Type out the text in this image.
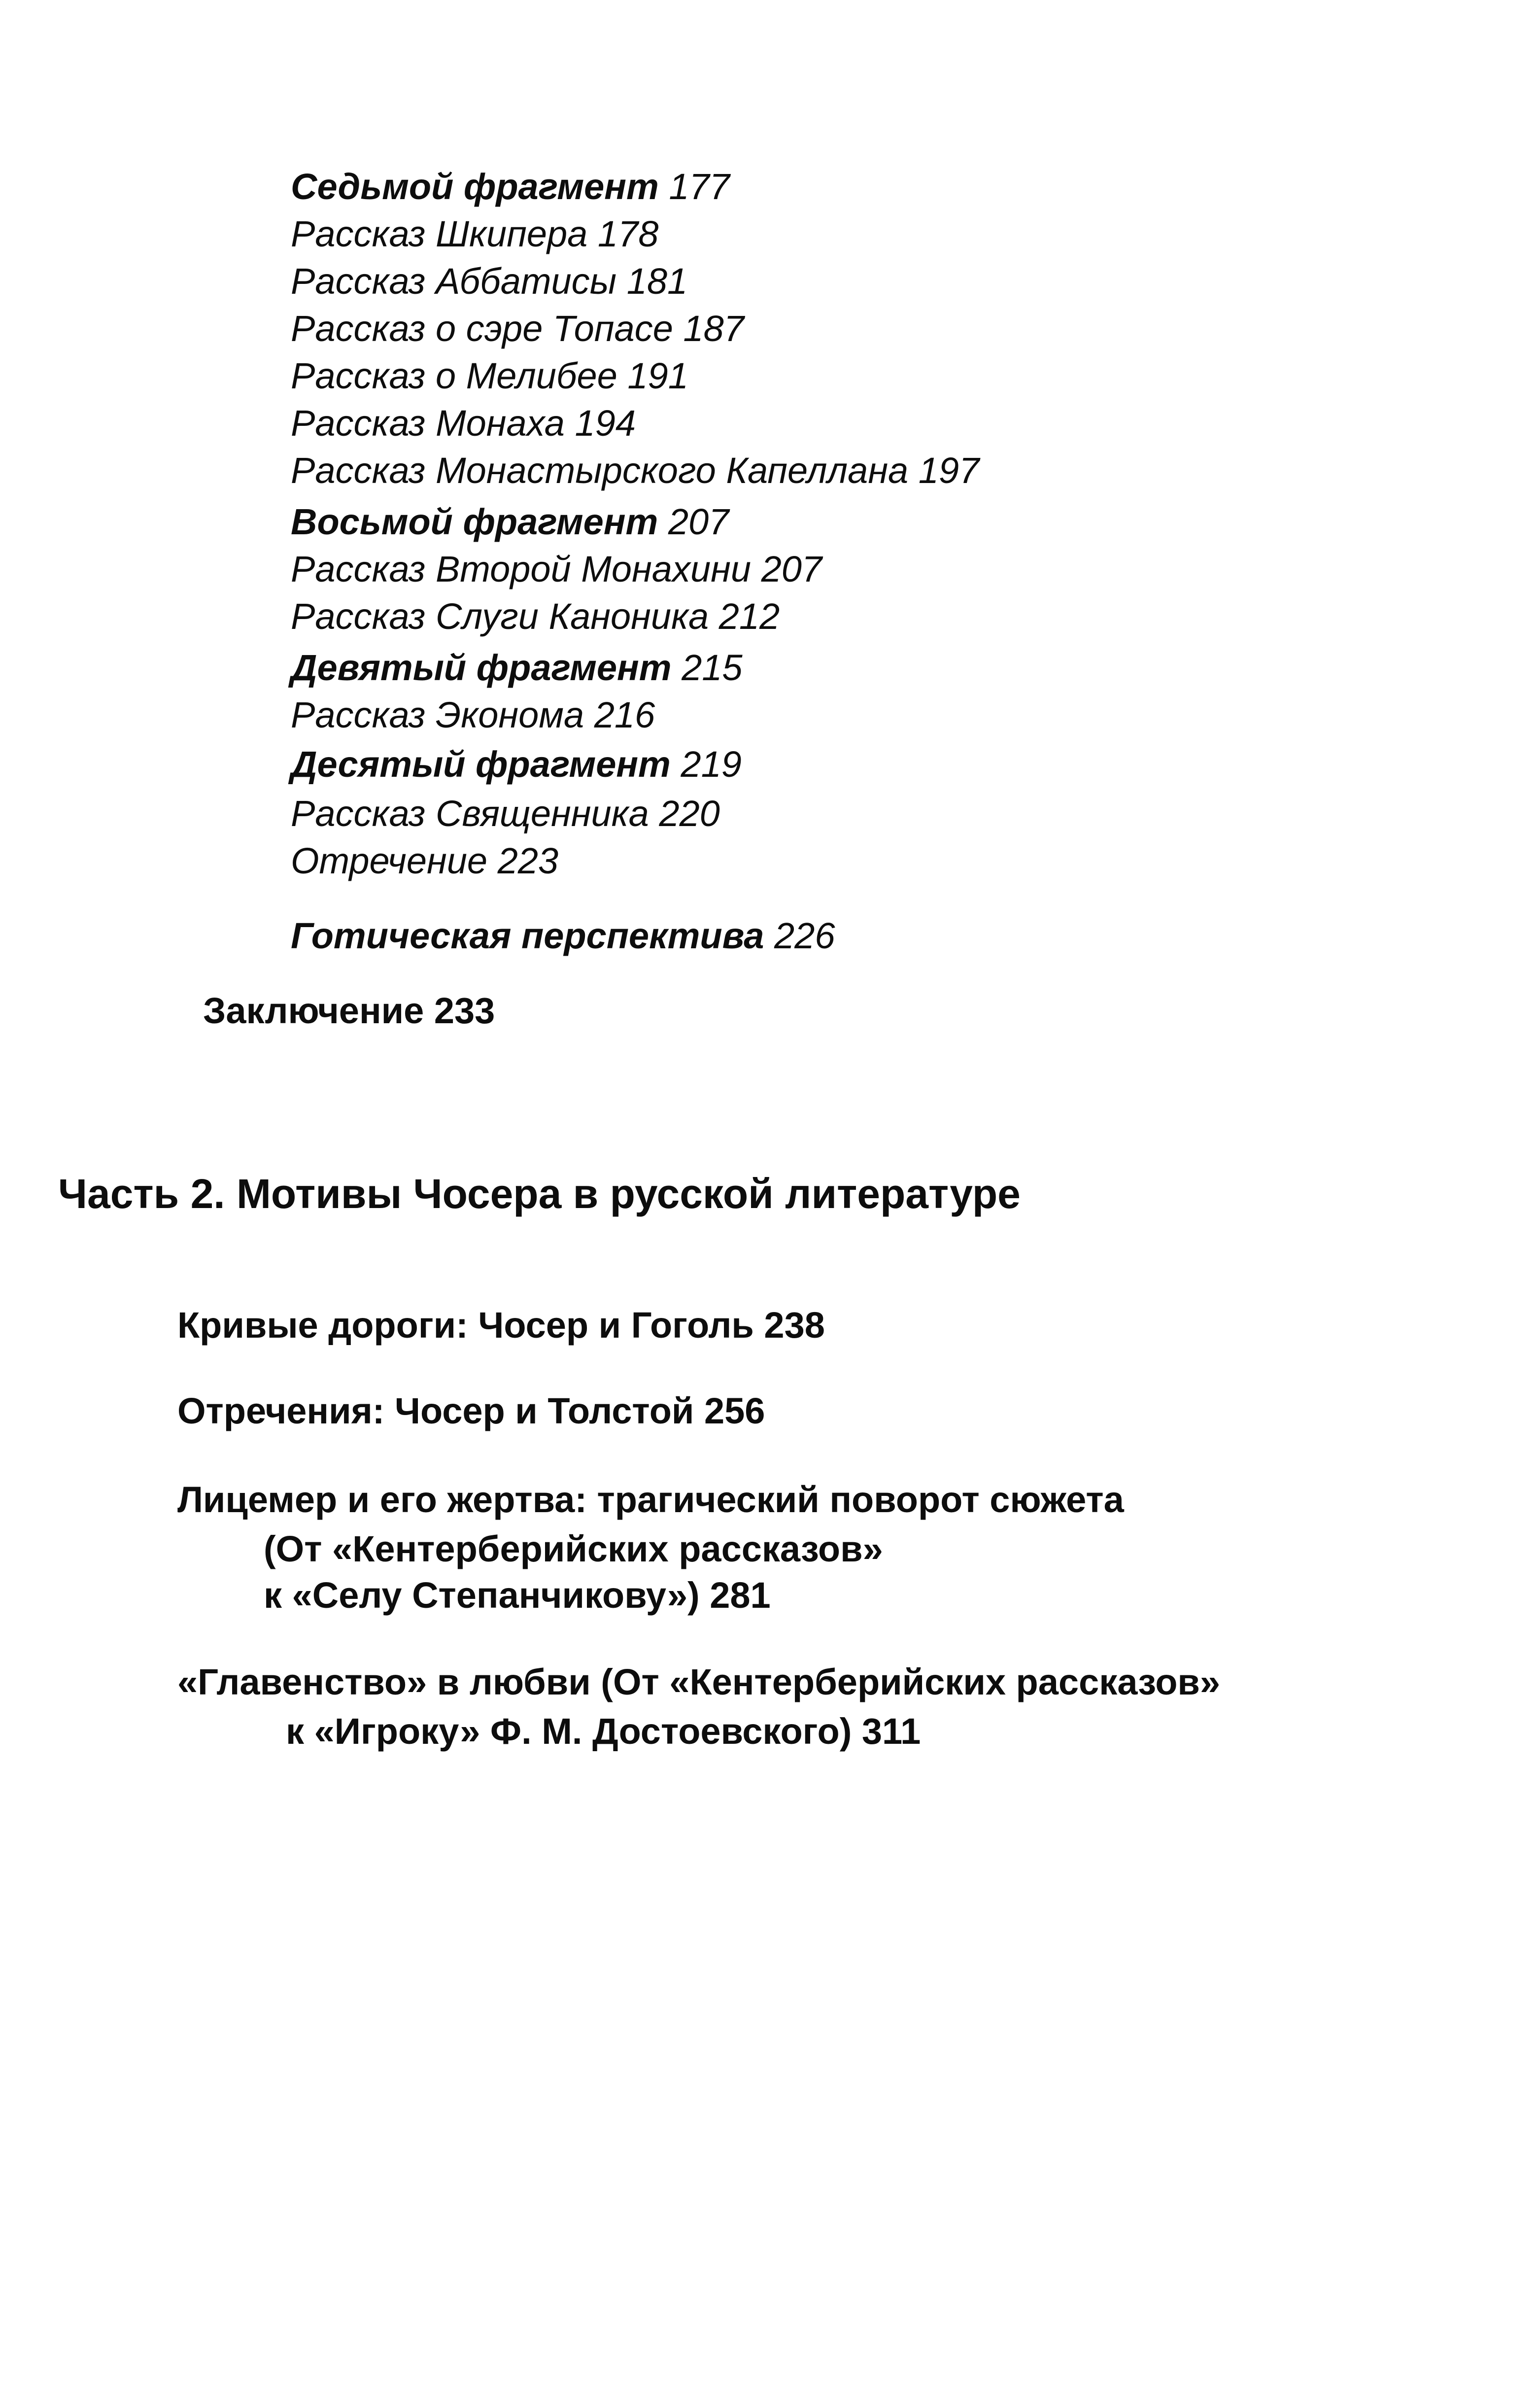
Седьмой фрагмент 177
Рассказ Шкипера 178
Рассказ Аббатисы 181
Рассказ о сэре Топасе 187
Рассказ о Мелибее 191
Рассказ Монаха 194
Рассказ Монастырского Капеллана 197
Восьмой фрагмент 207
Рассказ Второй Монахини 207
Рассказ Слуги Каноника 212
Девятый фрагмент 215
Рассказ Эконома 216
Десятый фрагмент 219
Рассказ Священника 220
Отречение 223
Готическая перспектива 226
Заключение 233
Часть 2. Мотивы Чосера в русской литературе
Кривые дороги: Чосер и Гоголь 238
Отречения: Чосер и Толстой 256
Лицемер и его жертва: трагический поворот сюжета
(От «Кентерберийских рассказов»
к «Селу Степанчикову») 281
«Главенство» в любви (От «Кентерберийских рассказов»
к «Игроку» Ф. М. Достоевского) 311
